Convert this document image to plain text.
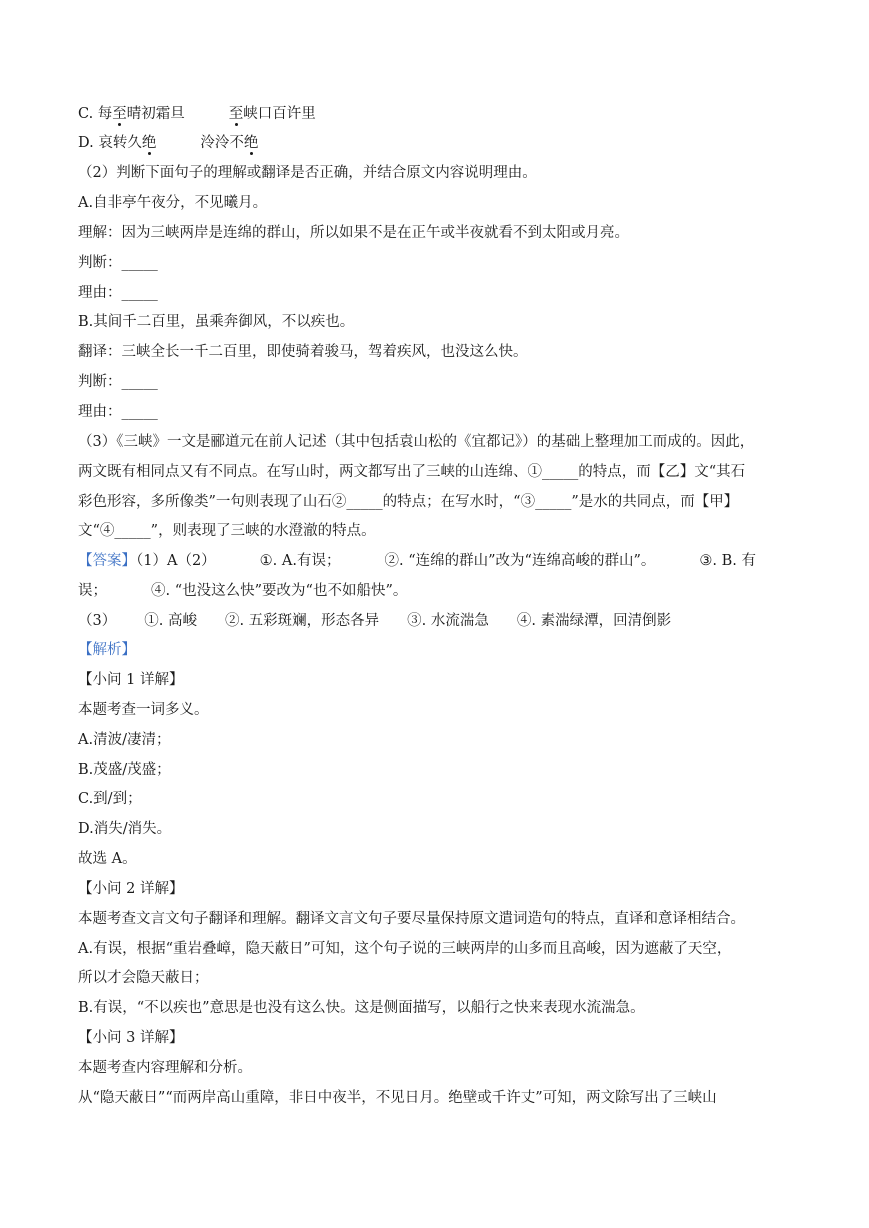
C. 每至晴初霜旦	至峡口百许里
D. 哀转久绝	泠泠不绝
（2）判断下面句子的理解或翻译是否正确，并结合原文内容说明理由。
A.自非亭午夜分，不见曦月。
理解：因为三峡两岸是连绵的群山，所以如果不是在正午或半夜就看不到太阳或月亮。
判断：_____
理由：_____
B.其间千二百里，虽乘奔御风，不以疾也。
翻译：三峡全长一千二百里，即使骑着骏马，驾着疾风，也没这么快。
判断：_____
理由：_____
（3）《三峡》一文是郦道元在前人记述（其中包括袁山松的《宜都记》）的基础上整理加工而成的。因此，
两文既有相同点又有不同点。在写山时，两文都写出了三峡的山连绵、①_____的特点，而【乙】文“其石
彩色形容，多所像类”一句则表现了山石②_____的特点；在写水时，“③_____”是水的共同点，而【甲】
文“④_____”，则表现了三峡的水澄澈的特点。
【答案】（1）A（2）	①. A.有误；	②. “连绵的群山”改为“连绵高峻的群山”。	③. B. 有
误；	④. “也没这么快”要改为“也不如船快”。
（3） ①. 高峻 ②. 五彩斑斓，形态各异 ③. 水流湍急 ④. 素湍绿潭，回清倒影
【解析】
【小问 1 详解】
本题考查一词多义。
A.清波/凄清；
B.茂盛/茂盛；
C.到/到；
D.消失/消失。
故选 A。
【小问 2 详解】
本题考查文言文句子翻译和理解。翻译文言文句子要尽量保持原文遣词造句的特点，直译和意译相结合。
A.有误，根据“重岩叠嶂，隐天蔽日”可知，这个句子说的三峡两岸的山多而且高峻，因为遮蔽了天空，
所以才会隐天蔽日；
B.有误，“不以疾也”意思是也没有这么快。这是侧面描写，以船行之快来表现水流湍急。
【小问 3 详解】
本题考查内容理解和分析。
从“隐天蔽日”“而两岸高山重障，非日中夜半，不见日月。绝壁或千许丈”可知，两文除写出了三峡山
